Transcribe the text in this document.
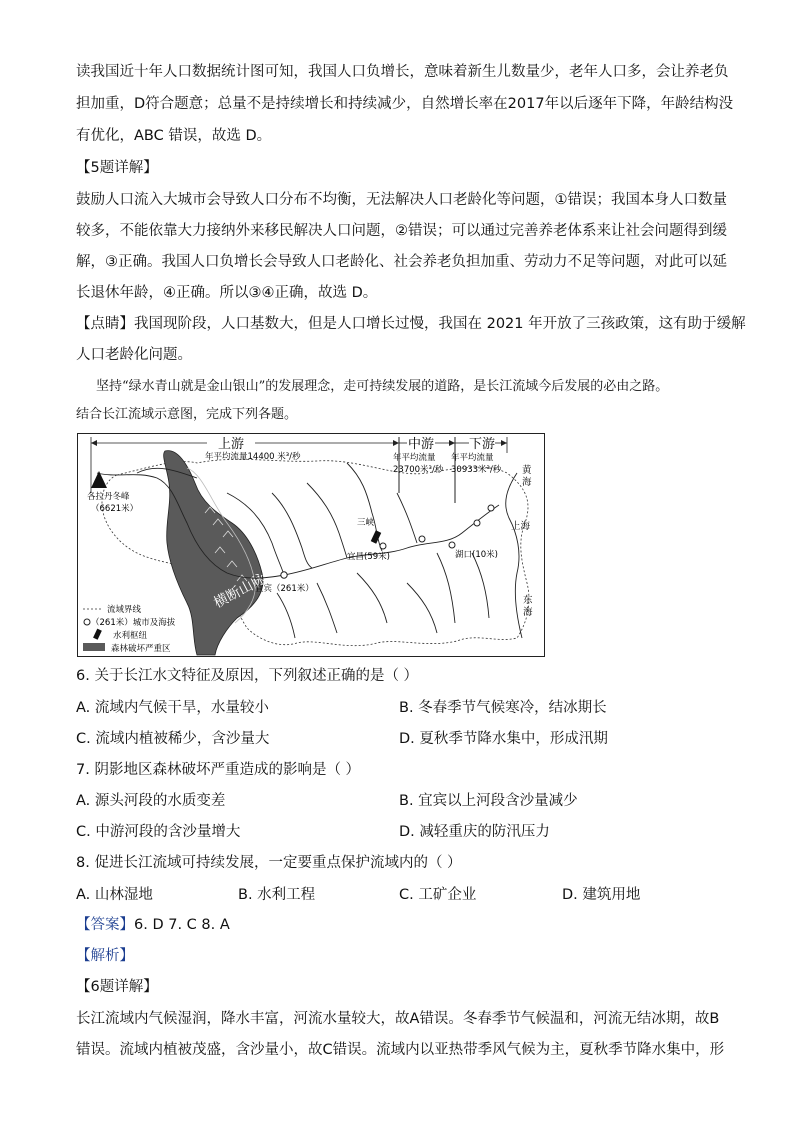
读我国近十年人口数据统计图可知，我国人口负增长，意味着新生儿数量少，老年人口多，会让养老负
担加重，D符合题意；总量不是持续增长和持续减少，自然增长率在2017年以后逐年下降，年龄结构没
有优化，ABC 错误，故选 D。
【5题详解】
鼓励人口流入大城市会导致人口分布不均衡，无法解决人口老龄化等问题，①错误；我国本身人口数量
较多，不能依靠大力接纳外来移民解决人口问题，②错误；可以通过完善养老体系来让社会问题得到缓
解，③正确。我国人口负增长会导致人口老龄化、社会养老负担加重、劳动力不足等问题，对此可以延
长退休年龄，④正确。所以③④正确，故选 D。
【点睛】我国现阶段，人口基数大，但是人口增长过慢，我国在 2021 年开放了三孩政策，这有助于缓解
人口老龄化问题。
坚持“绿水青山就是金山银山”的发展理念，走可持续发展的道路，是长江流域今后发展的必由之路。
结合长江流域示意图，完成下列各题。
上游	中游	下游
年平均流量14400 米³/秒	年平均流量
23700米³/秒
年平均流量
30933米³/秒
横断山脉
各拉丹冬峰
（6621米）
宜宾（261米）
三峡
宜昌(59米)	湖口(10米)
上海
黄
海
东
海
流域界线
（261米）城市及海拔
水利枢纽
森林破坏严重区
6. 关于长江水文特征及原因，下列叙述正确的是（ ）
A. 流域内气候干旱，水量较小	B. 冬春季节气候寒冷，结冰期长
C. 流域内植被稀少，含沙量大	D. 夏秋季节降水集中，形成汛期
7. 阴影地区森林破坏严重造成的影响是（ ）
A. 源头河段的水质变差	B. 宜宾以上河段含沙量减少
C. 中游河段的含沙量增大	D. 减轻重庆的防汛压力
8. 促进长江流域可持续发展，一定要重点保护流域内的（ ）
A. 山林湿地	B. 水利工程	C. 工矿企业	D. 建筑用地
【答案】6. D 7. C 8. A
【解析】
【6题详解】
长江流域内气候湿润，降水丰富，河流水量较大，故A错误。冬春季节气候温和，河流无结冰期，故B
错误。流域内植被茂盛，含沙量小，故C错误。流域内以亚热带季风气候为主，夏秋季节降水集中，形
